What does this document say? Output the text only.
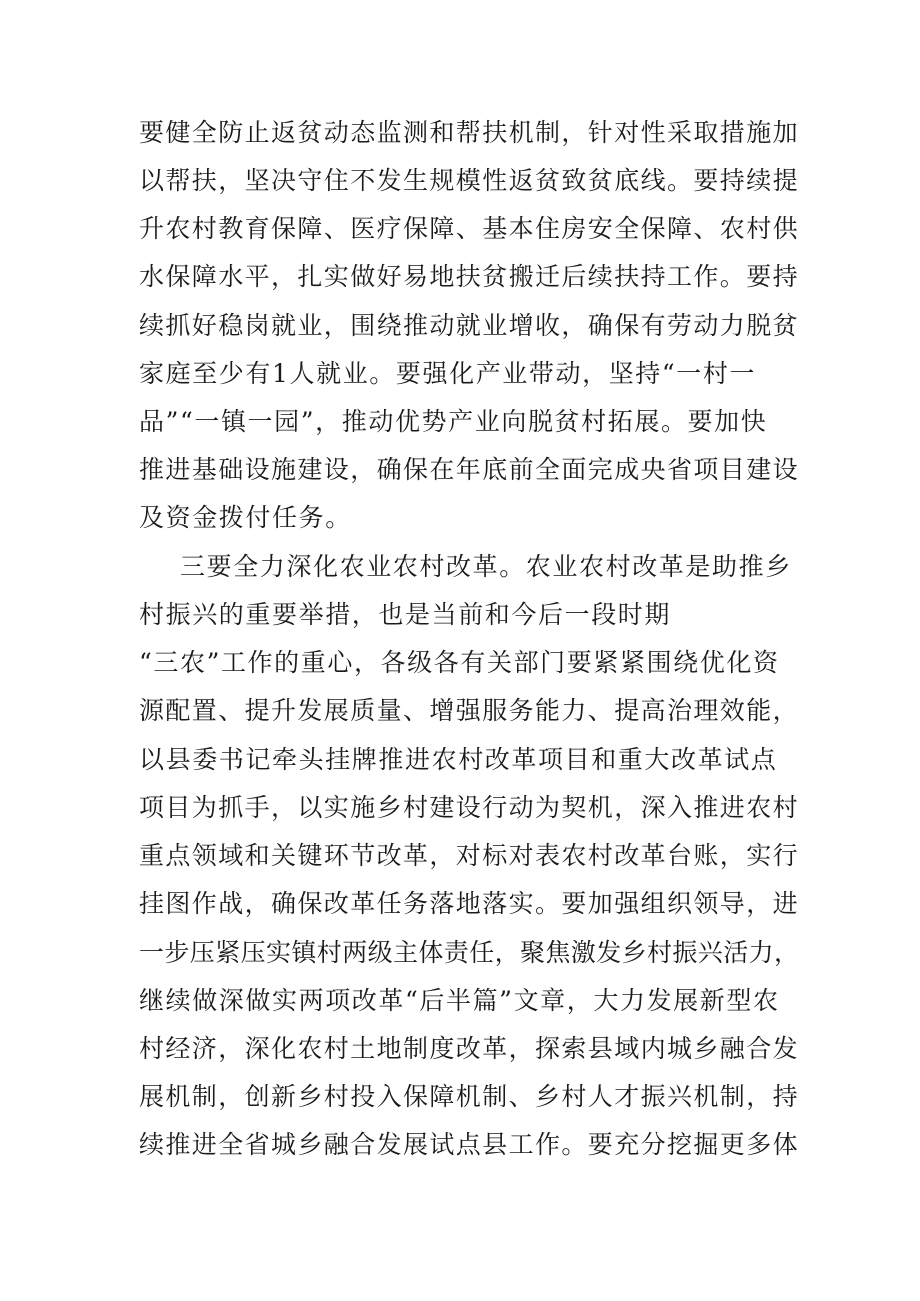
要健全防止返贫动态监测和帮扶机制，针对性采取措施加
以帮扶，坚决守住不发生规模性返贫致贫底线。要持续提
升农村教育保障、医疗保障、基本住房安全保障、农村供
水保障水平，扎实做好易地扶贫搬迁后续扶持工作。要持
续抓好稳岗就业，围绕推动就业增收，确保有劳动力脱贫
家庭至少有1人就业。要强化产业带动，坚持“一村一
品”“一镇一园”，推动优势产业向脱贫村拓展。要加快
推进基础设施建设，确保在年底前全面完成央省项目建设
及资金拨付任务。
三要全力深化农业农村改革。农业农村改革是助推乡
村振兴的重要举措，也是当前和今后一段时期
“三农”工作的重心，各级各有关部门要紧紧围绕优化资
源配置、提升发展质量、增强服务能力、提高治理效能，
以县委书记牵头挂牌推进农村改革项目和重大改革试点
项目为抓手，以实施乡村建设行动为契机，深入推进农村
重点领域和关键环节改革，对标对表农村改革台账，实行
挂图作战，确保改革任务落地落实。要加强组织领导，进
一步压紧压实镇村两级主体责任，聚焦激发乡村振兴活力，
继续做深做实两项改革“后半篇”文章，大力发展新型农
村经济，深化农村土地制度改革，探索县域内城乡融合发
展机制，创新乡村投入保障机制、乡村人才振兴机制，持
续推进全省城乡融合发展试点县工作。要充分挖掘更多体
